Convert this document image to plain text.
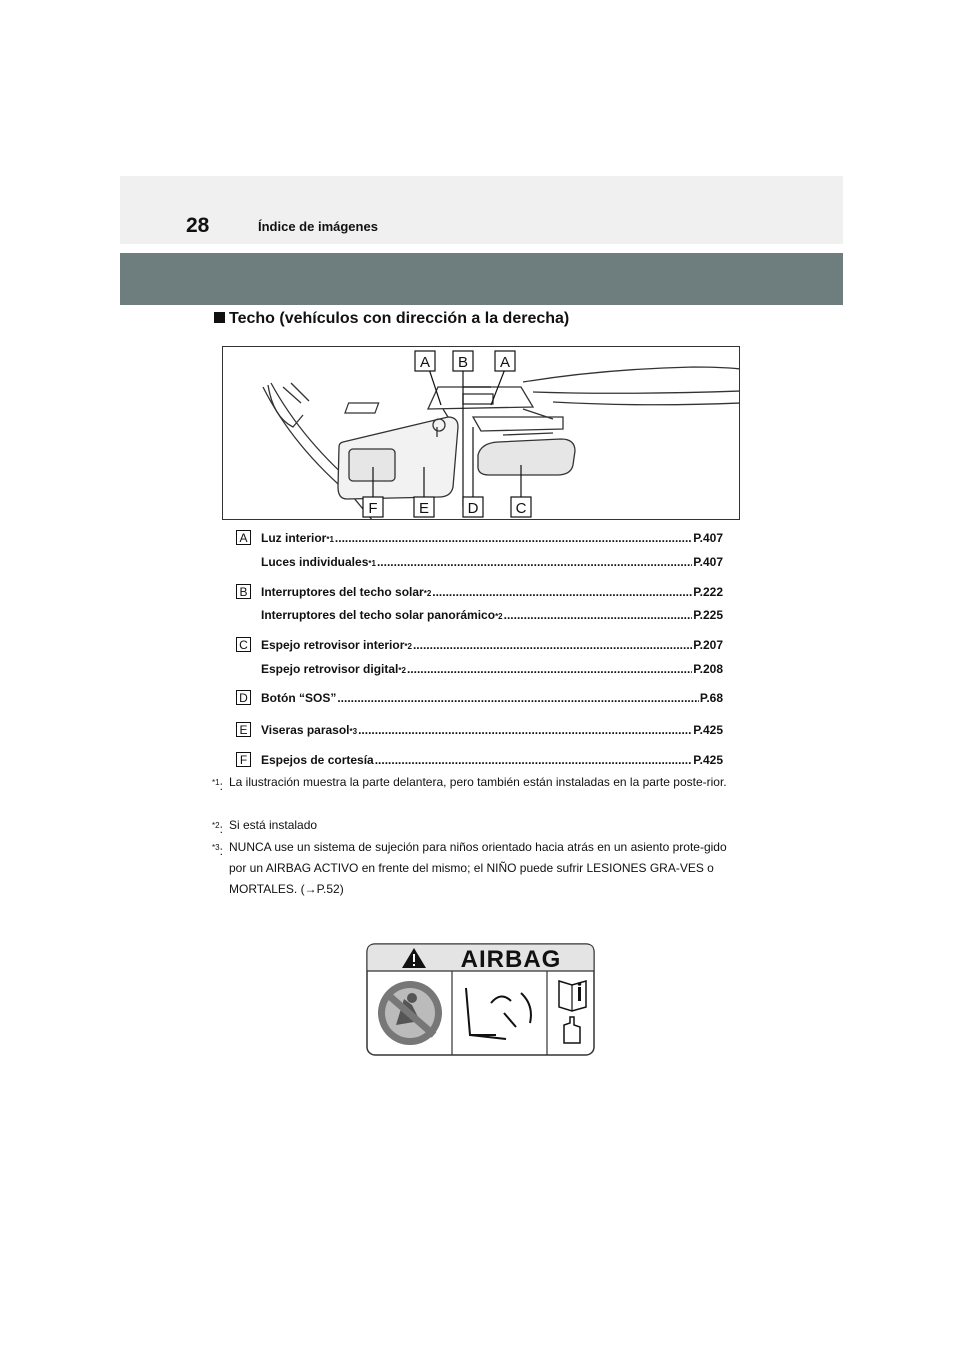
28	Índice de imágenes
Techo (vehículos con dirección a la derecha)
A B A
F	E	D C
A Luz interior *1 .....	P.407
Luces individuales *1 .....	P.407
B Interruptores del techo solar *2 .....	P.222
Interruptores del techo solar panorámico *2 .....	P.225
C Espejo retrovisor interior *2 .....	P.207
Espejo retrovisor digital *2 .....	P.208
D Botón “SOS” .....	P.68
E Viseras parasol *3 .....	P.425
F	Espejos de cortesía .....	P.425
$^{*1}$: La ilustración muestra la parte delantera, pero también están instaladas en la parte poste-rior.
$^{*2}$: Si está instalado
$^{*3}$: NUNCA use un sistema de sujeción para niños orientado hacia atrás en un asiento prote-gido por un AIRBAG ACTIVO en frente del mismo; el NIÑO puede sufrir LESIONES GRA-VES o MORTALES. (→P.52)
AIRBAG
